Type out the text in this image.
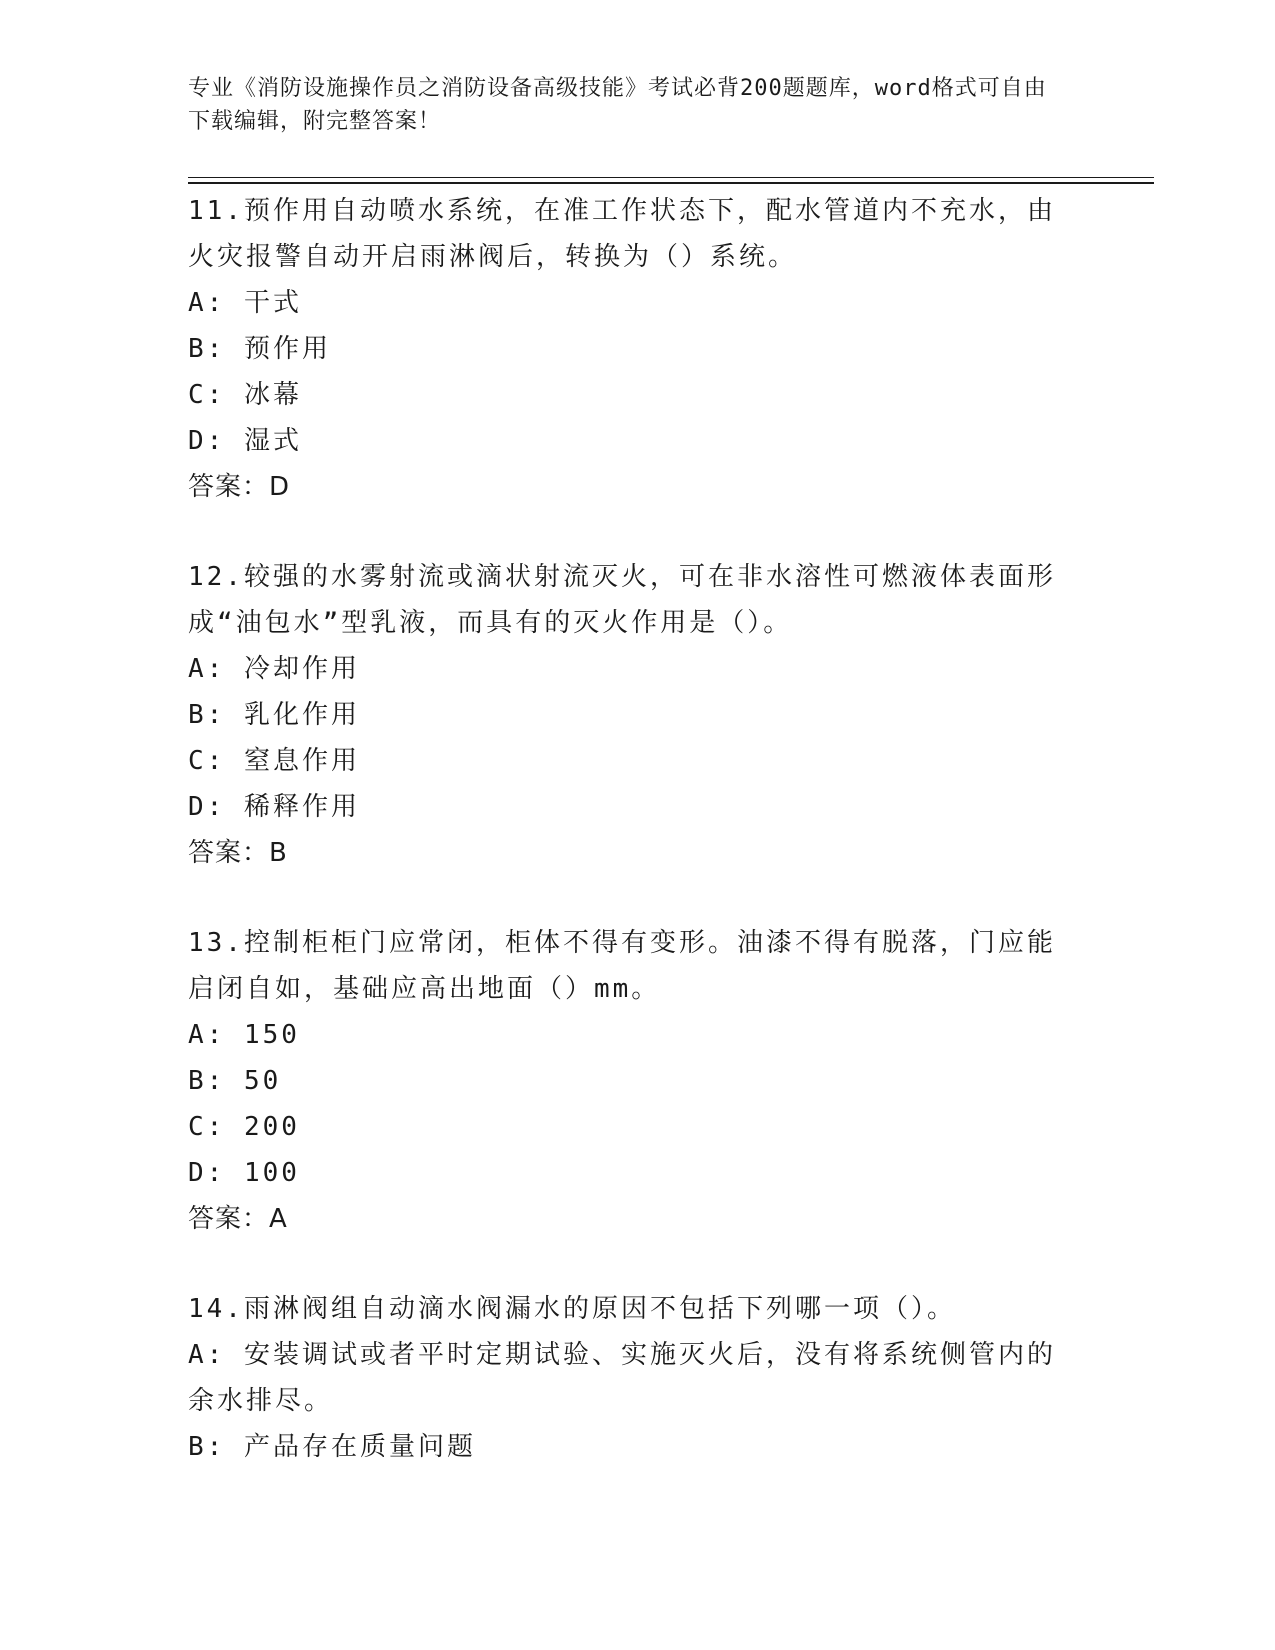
专业《消防设施操作员之消防设备高级技能》考试必背200题题库，word格式可自由下载编辑，附完整答案！

11.预作用自动喷水系统，在准工作状态下，配水管道内不充水，由火灾报警自动开启雨淋阀后，转换为（）系统。

A: 干式

B: 预作用

C: 冰幕

D: 湿式

答案：D

12.较强的水雾射流或滴状射流灭火，可在非水溶性可燃液体表面形成“油包水”型乳液，而具有的灭火作用是（）。

A: 冷却作用

B: 乳化作用

C: 窒息作用

D: 稀释作用

答案：B

13.控制柜柜门应常闭，柜体不得有变形。油漆不得有脱落，门应能启闭自如，基础应高出地面（）mm。

A: 150

B: 50

C: 200

D: 100

答案：A

14.雨淋阀组自动滴水阀漏水的原因不包括下列哪一项（）。

A: 安装调试或者平时定期试验、实施灭火后，没有将系统侧管内的余水排尽。

B: 产品存在质量问题
